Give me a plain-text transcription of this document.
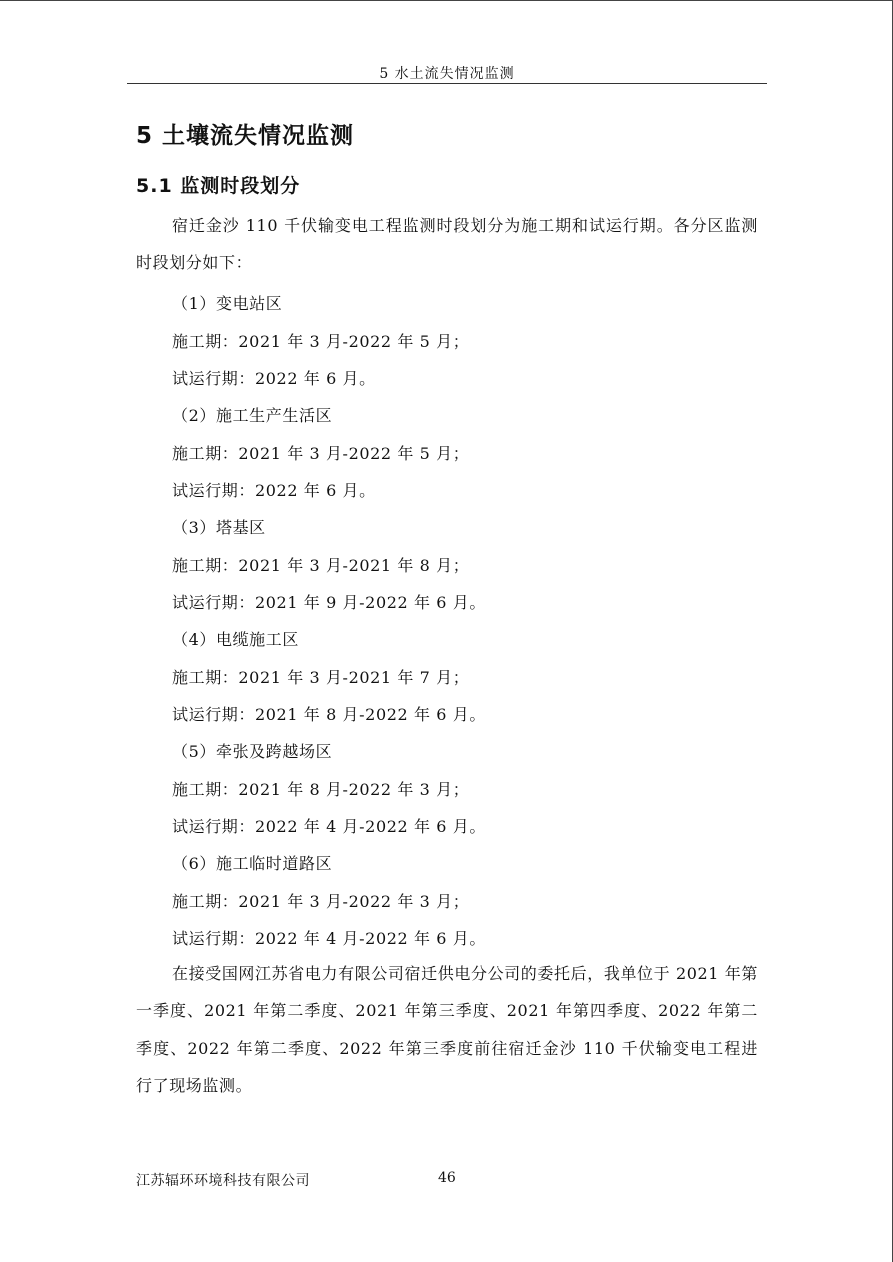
5 水土流失情况监测
5 土壤流失情况监测
5.1 监测时段划分
宿迁金沙 110 千伏输变电工程监测时段划分为施工期和试运行期。各分区监测时段划分如下：
（1）变电站区
施工期：2021 年 3 月-2022 年 5 月；
试运行期：2022 年 6 月。
（2）施工生产生活区
施工期：2021 年 3 月-2022 年 5 月；
试运行期：2022 年 6 月。
（3）塔基区
施工期：2021 年 3 月-2021 年 8 月；
试运行期：2021 年 9 月-2022 年 6 月。
（4）电缆施工区
施工期：2021 年 3 月-2021 年 7 月；
试运行期：2021 年 8 月-2022 年 6 月。
（5）牵张及跨越场区
施工期：2021 年 8 月-2022 年 3 月；
试运行期：2022 年 4 月-2022 年 6 月。
（6）施工临时道路区
施工期：2021 年 3 月-2022 年 3 月；
试运行期：2022 年 4 月-2022 年 6 月。
在接受国网江苏省电力有限公司宿迁供电分公司的委托后，我单位于 2021 年第一季度、2021 年第二季度、2021 年第三季度、2021 年第四季度、2022 年第二季度、2022 年第二季度、2022 年第三季度前往宿迁金沙 110 千伏输变电工程进行了现场监测。
江苏辐环环境科技有限公司	46
